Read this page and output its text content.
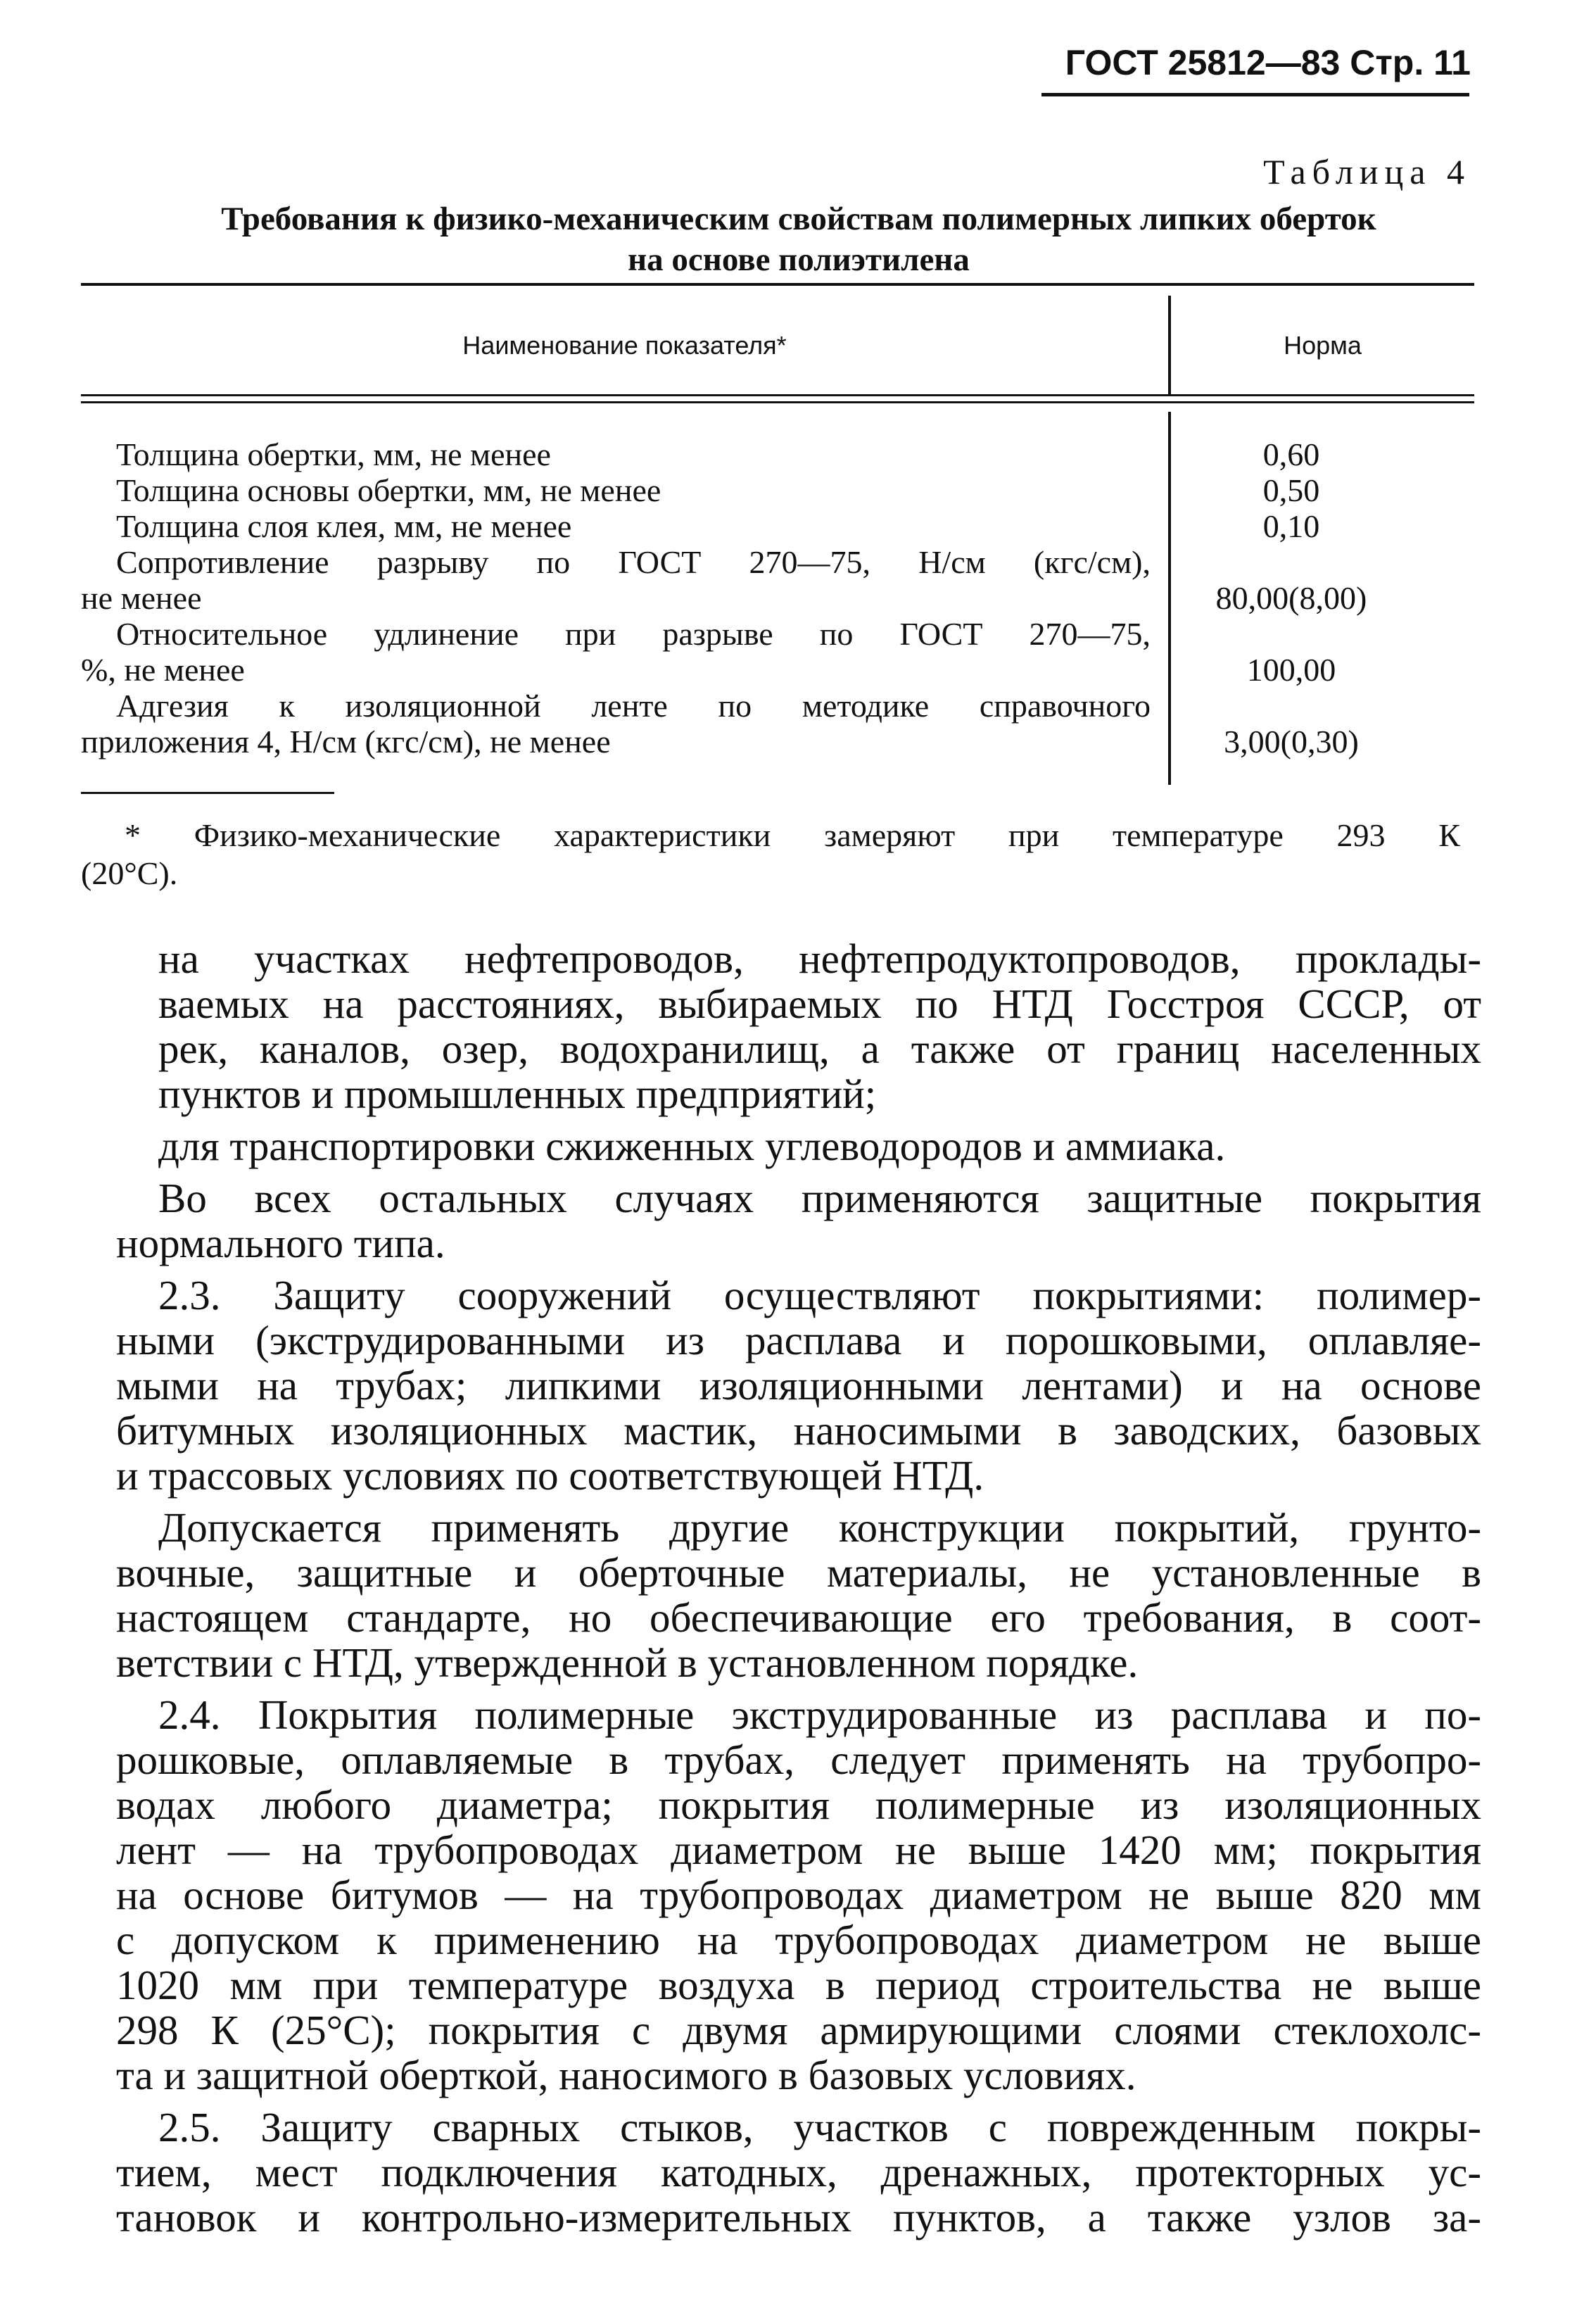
ГОСТ 25812—83 Стр. 11
Таблица 4
Требования к физико-механическим свойствам полимерных липких оберток
на основе полиэтилена
Наименование показателя*	Норма
Толщина обертки, мм, не менее	0,60
Толщина основы обертки, мм, не менее	0,50
Толщина слоя клея, мм, не менее	0,10
Сопротивление разрыву по ГОСТ 270—75, Н/см (кгс/см),
не менее	80,00(8,00)
Относительное удлинение при разрыве по ГОСТ 270—75,
%, не менее	100,00
Адгезия к изоляционной ленте по методике справочного
приложения 4, Н/см (кгс/см), не менее	3,00(0,30)
* Физико-механические характеристики замеряют при температуре 293 К
(20°С).
на участках нефтепроводов, нефтепродуктопроводов, проклады-
ваемых на расстояниях, выбираемых по НТД Госстроя СССР, от
рек, каналов, озер, водохранилищ, а также от границ населенных
пунктов и промышленных предприятий;
для транспортировки сжиженных углеводородов и аммиака.
Во всех остальных случаях применяются защитные покрытия
нормального типа.
2.3. Защиту сооружений осуществляют покрытиями: полимер-
ными (экструдированными из расплава и порошковыми, оплавляе-
мыми на трубах; липкими изоляционными лентами) и на основе
битумных изоляционных мастик, наносимыми в заводских, базовых
и трассовых условиях по соответствующей НТД.
Допускается применять другие конструкции покрытий, грунто-
вочные, защитные и оберточные материалы, не установленные в
настоящем стандарте, но обеспечивающие его требования, в соот-
ветствии с НТД, утвержденной в установленном порядке.
2.4. Покрытия полимерные экструдированные из расплава и по-
рошковые, оплавляемые в трубах, следует применять на трубопро-
водах любого диаметра; покрытия полимерные из изоляционных
лент — на трубопроводах диаметром не выше 1420 мм; покрытия
на основе битумов — на трубопроводах диаметром не выше 820 мм
с допуском к применению на трубопроводах диаметром не выше
1020 мм при температуре воздуха в период строительства не выше
298 К (25°С); покрытия с двумя армирующими слоями стеклохолс-
та и защитной оберткой, наносимого в базовых условиях.
2.5. Защиту сварных стыков, участков с поврежденным покры-
тием, мест подключения катодных, дренажных, протекторных ус-
тановок и контрольно-измерительных пунктов, а также узлов за-
